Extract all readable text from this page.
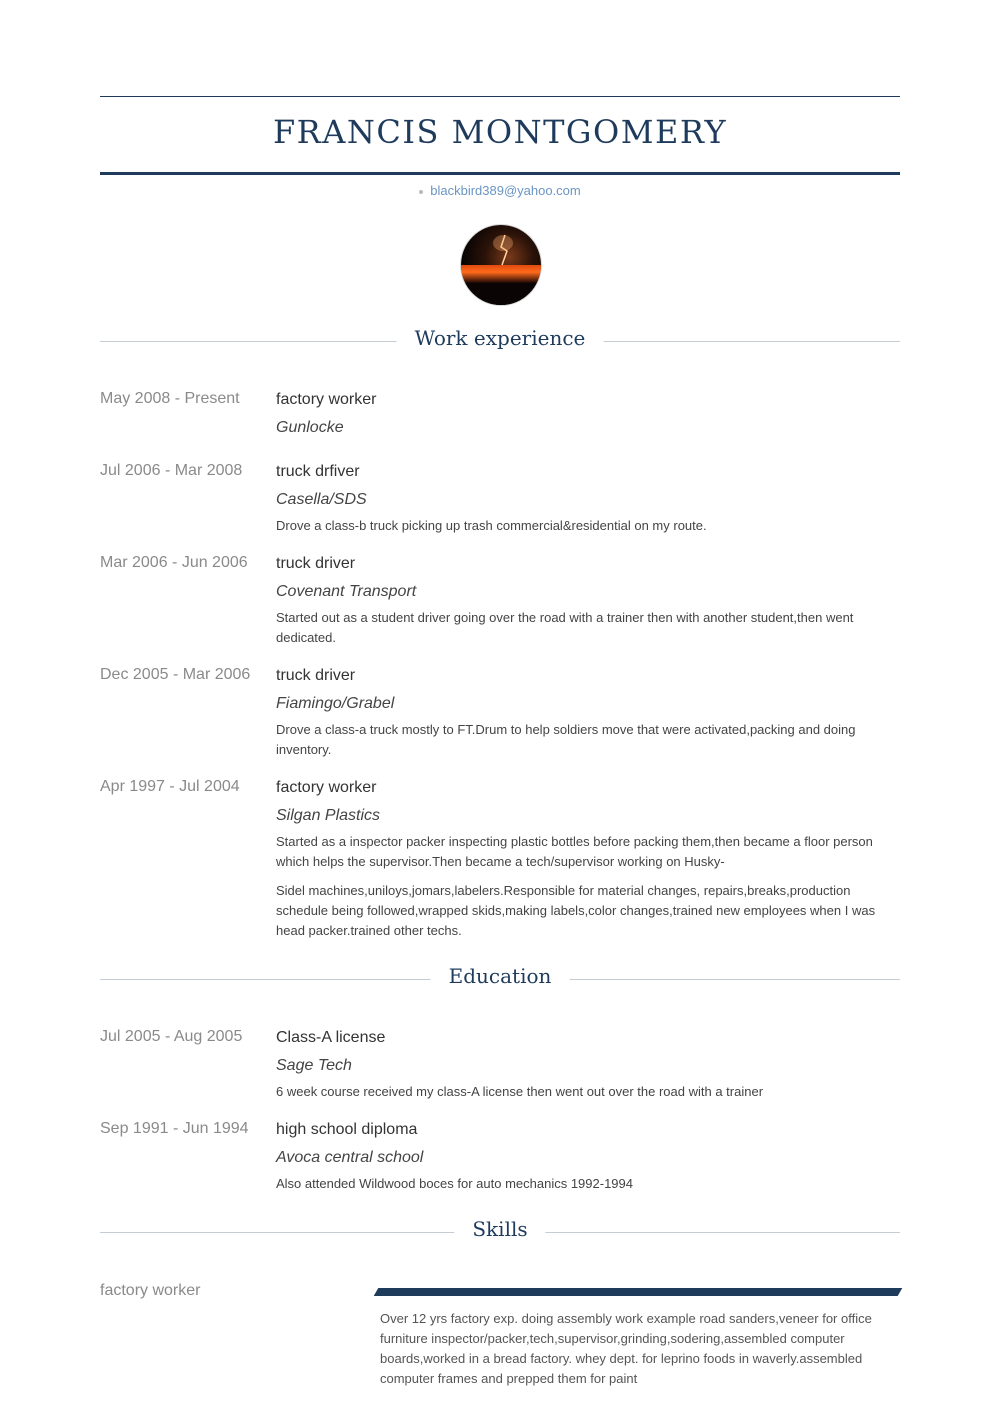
FRANCIS MONTGOMERY
blackbird389@yahoo.com
Work experience
May 2008 - Present factory worker

Gunlocke

Jul 2006 - Mar 2008 truck drfiver

Casella/SDS

Drove a class-b truck picking up trash commercial&residential on my route.

Mar 2006 - Jun 2006 truck driver

Covenant Transport

Started out as a student driver going over the road with a trainer then with another student,then went dedicated.

Dec 2005 - Mar 2006 truck driver

Fiamingo/Grabel

Drove a class-a truck mostly to FT.Drum to help soldiers move that were activated,packing and doing inventory.

Apr 1997 - Jul 2004 factory worker

Silgan Plastics

Started as a inspector packer inspecting plastic bottles before packing them,then became a floor person which helps the supervisor.Then became a tech/supervisor working on Husky-

Sidel machines,uniloys,jomars,labelers.Responsible for material changes, repairs,breaks,production schedule being followed,wrapped skids,making labels,color changes,trained new employees when I was head packer.trained other techs.

Education
Jul 2005 - Aug 2005 Class-A license

Sage Tech

6 week course received my class-A license then went out over the road with a trainer

Sep 1991 - Jun 1994 high school diploma

Avoca central school

Also attended Wildwood boces for auto mechanics 1992-1994

Skills
factory worker
Over 12 yrs factory exp. doing assembly work example road sanders,veneer for office furniture inspector/packer,tech,supervisor,grinding,sodering,assembled computer boards,worked in a bread factory. whey dept. for leprino foods in waverly.assembled computer frames and prepped them for paint
